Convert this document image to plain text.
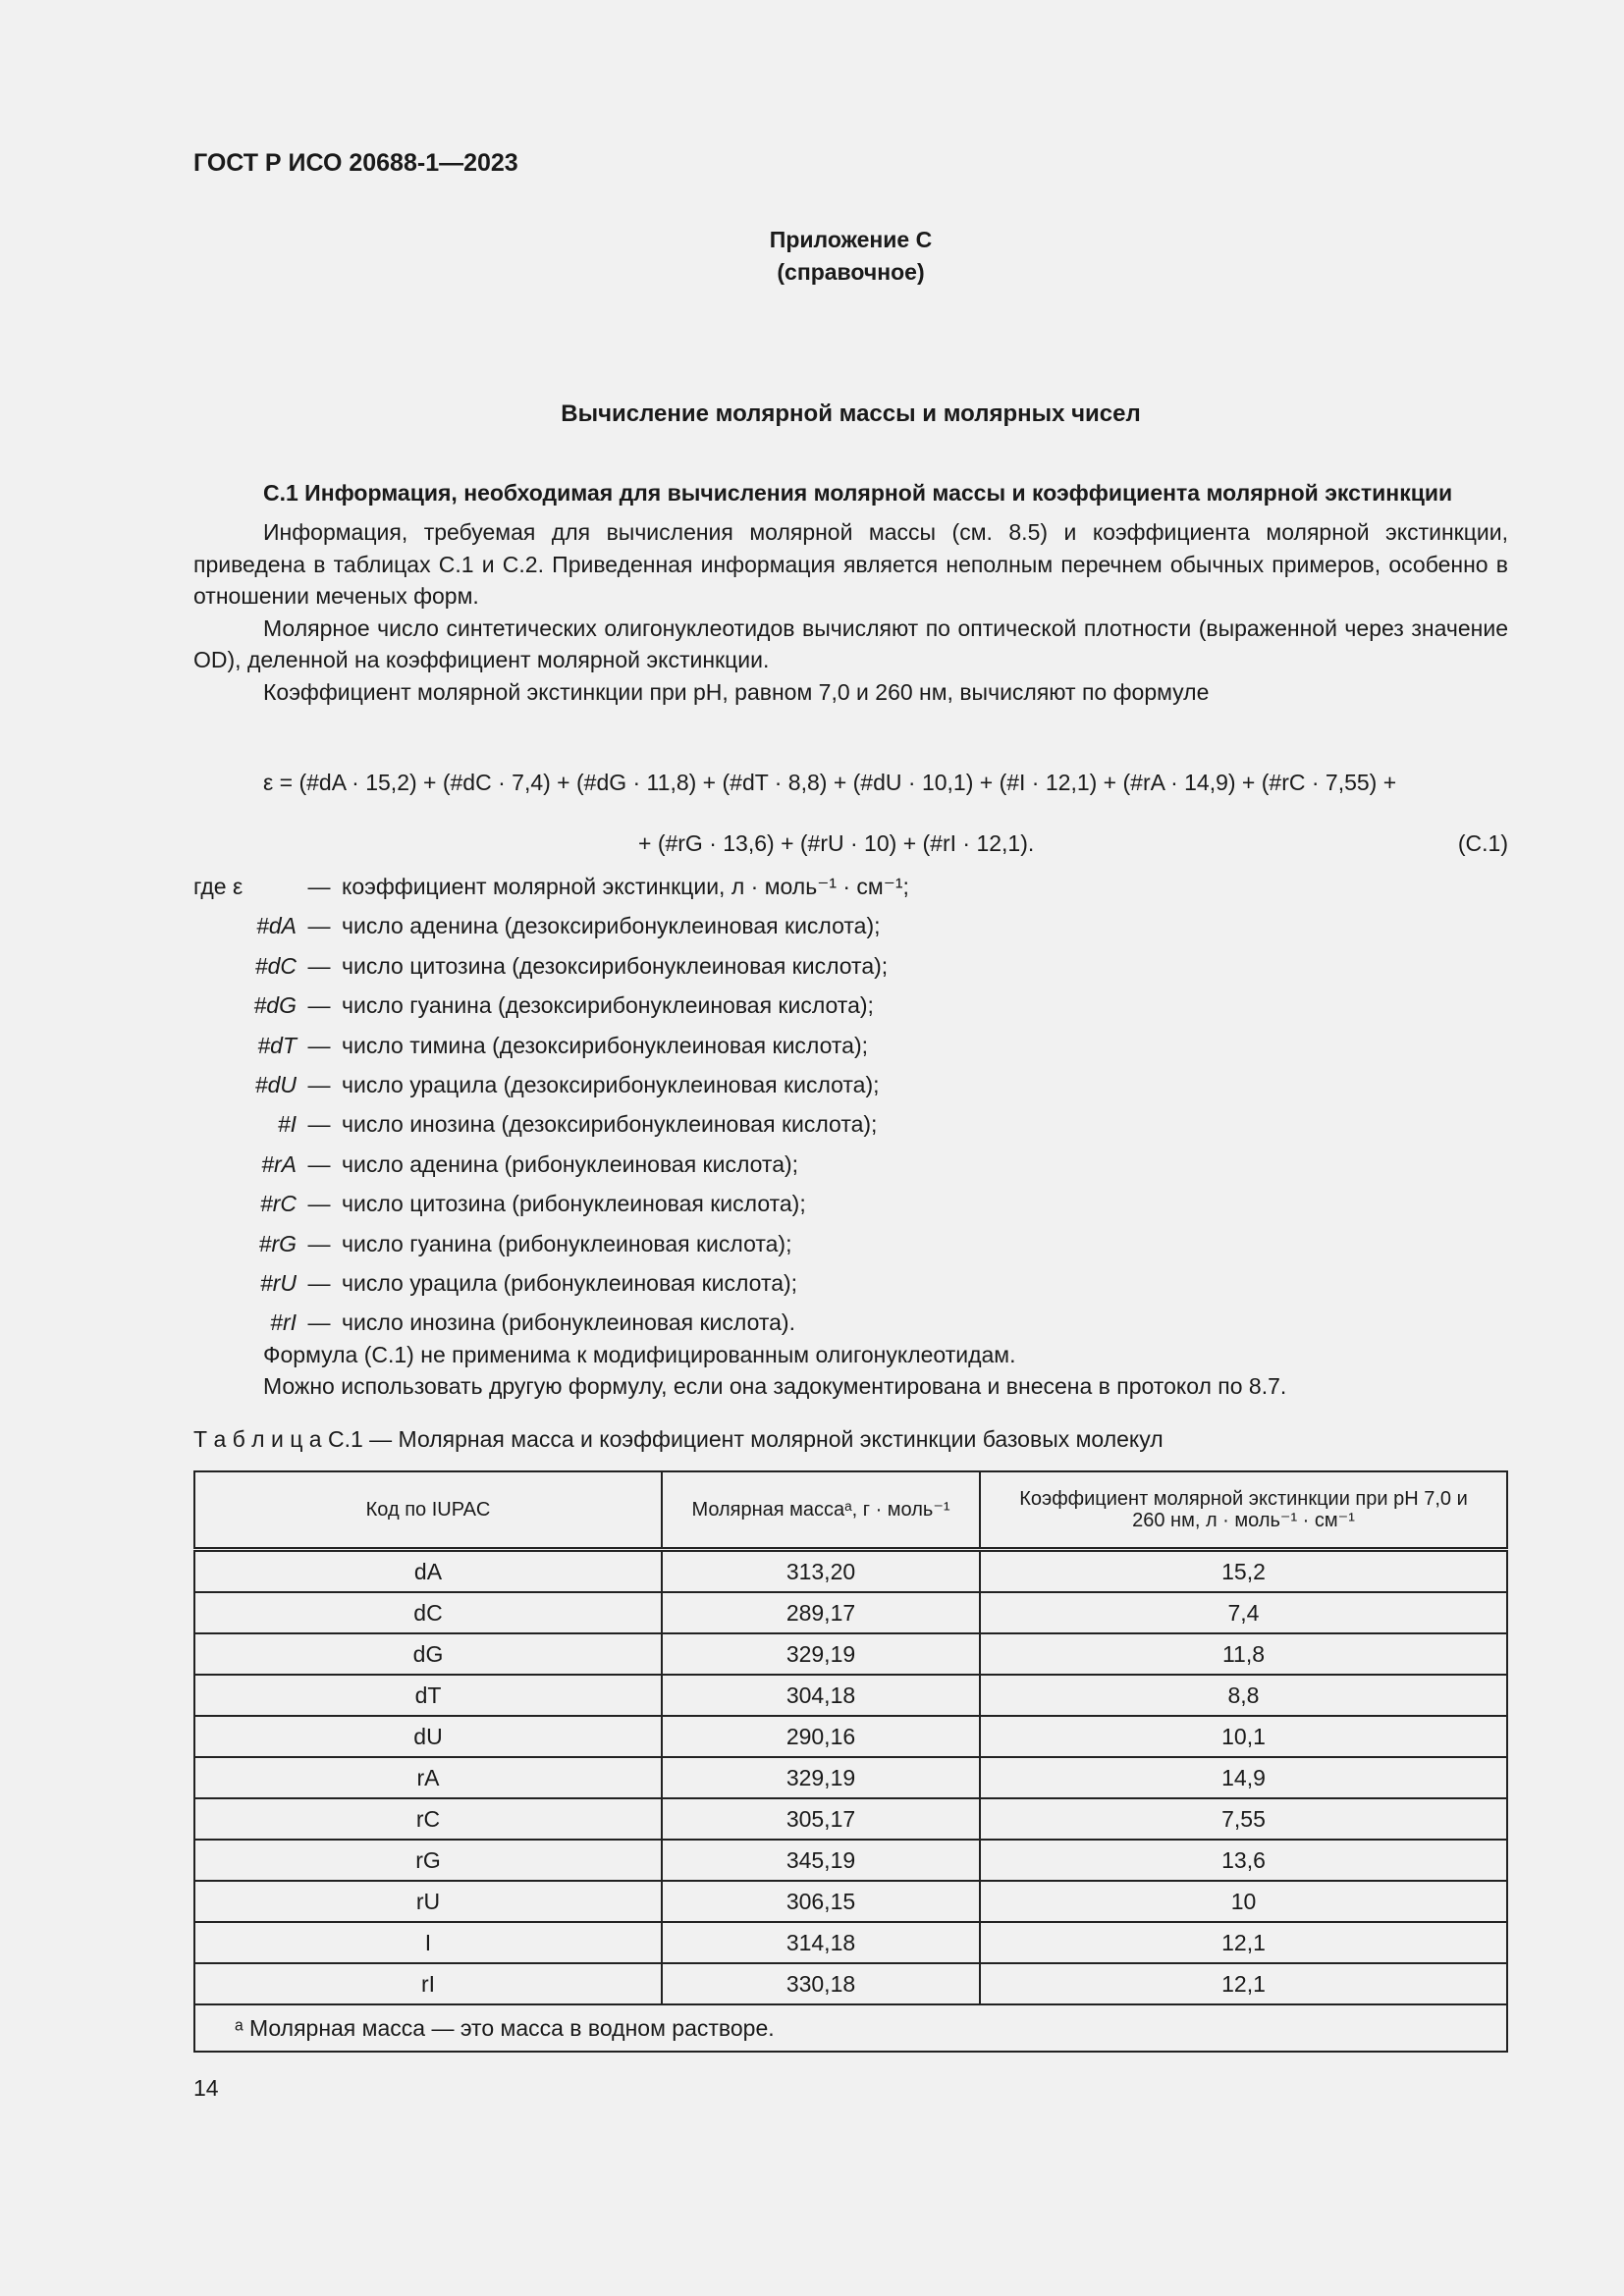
ГОСТ Р ИСО 20688-1—2023
Приложение С
(справочное)
Вычисление молярной массы и молярных чисел

С.1 Информация, необходимая для вычисления молярной массы и коэффициента молярной экстинкции

Информация, требуемая для вычисления молярной массы (см. 8.5) и коэффициента молярной экстинкции, приведена в таблицах С.1 и С.2. Приведенная информация является неполным перечнем обычных примеров, особенно в отношении меченых форм.

Молярное число синтетических олигонуклеотидов вычисляют по оптической плотности (выраженной через значение OD), деленной на коэффициент молярной экстинкции.

Коэффициент молярной экстинкции при pH, равном 7,0 и 260 нм, вычисляют по формуле

ε = (#dA · 15,2) + (#dC · 7,4) + (#dG · 11,8) + (#dT · 8,8) + (#dU · 10,1) + (#I · 12,1) + (#rA · 14,9) + (#rC · 7,55) +
+ (#rG · 13,6) + (#rU · 10) + (#rI · 12,1).	(С.1)
где ε	— коэффициент молярной экстинкции, л · моль⁻¹ · см⁻¹;
#dA — число аденина (дезоксирибонуклеиновая кислота);
#dC — число цитозина (дезоксирибонуклеиновая кислота);
#dG — число гуанина (дезоксирибонуклеиновая кислота);
#dT — число тимина (дезоксирибонуклеиновая кислота);
#dU — число урацила (дезоксирибонуклеиновая кислота);
#I — число инозина (дезоксирибонуклеиновая кислота);
#rA — число аденина (рибонуклеиновая кислота);
#rC — число цитозина (рибонуклеиновая кислота);
#rG — число гуанина (рибонуклеиновая кислота);
#rU — число урацила (рибонуклеиновая кислота);
#rI — число инозина (рибонуклеиновая кислота).
Формула (С.1) не применима к модифицированным олигонуклеотидам.
Можно использовать другую формулу, если она задокументирована и внесена в протокол по 8.7.
Т а б л и ц а С.1 — Молярная масса и коэффициент молярной экстинкции базовых молекул
Код по IUPAC	Молярная массаᵃ, г · моль⁻¹	Коэффициент молярной экстинкции при pH 7,0 и 260 нм, л · моль⁻¹ · см⁻¹
dA	313,20	15,2
dC	289,17	7,4
dG	329,19	11,8
dT	304,18	8,8
dU	290,16	10,1
rA	329,19	14,9
rC	305,17	7,55
rG	345,19	13,6
rU	306,15	10
I	314,18	12,1
rI	330,18	12,1
ᵃ Молярная масса — это масса в водном растворе.		
14
